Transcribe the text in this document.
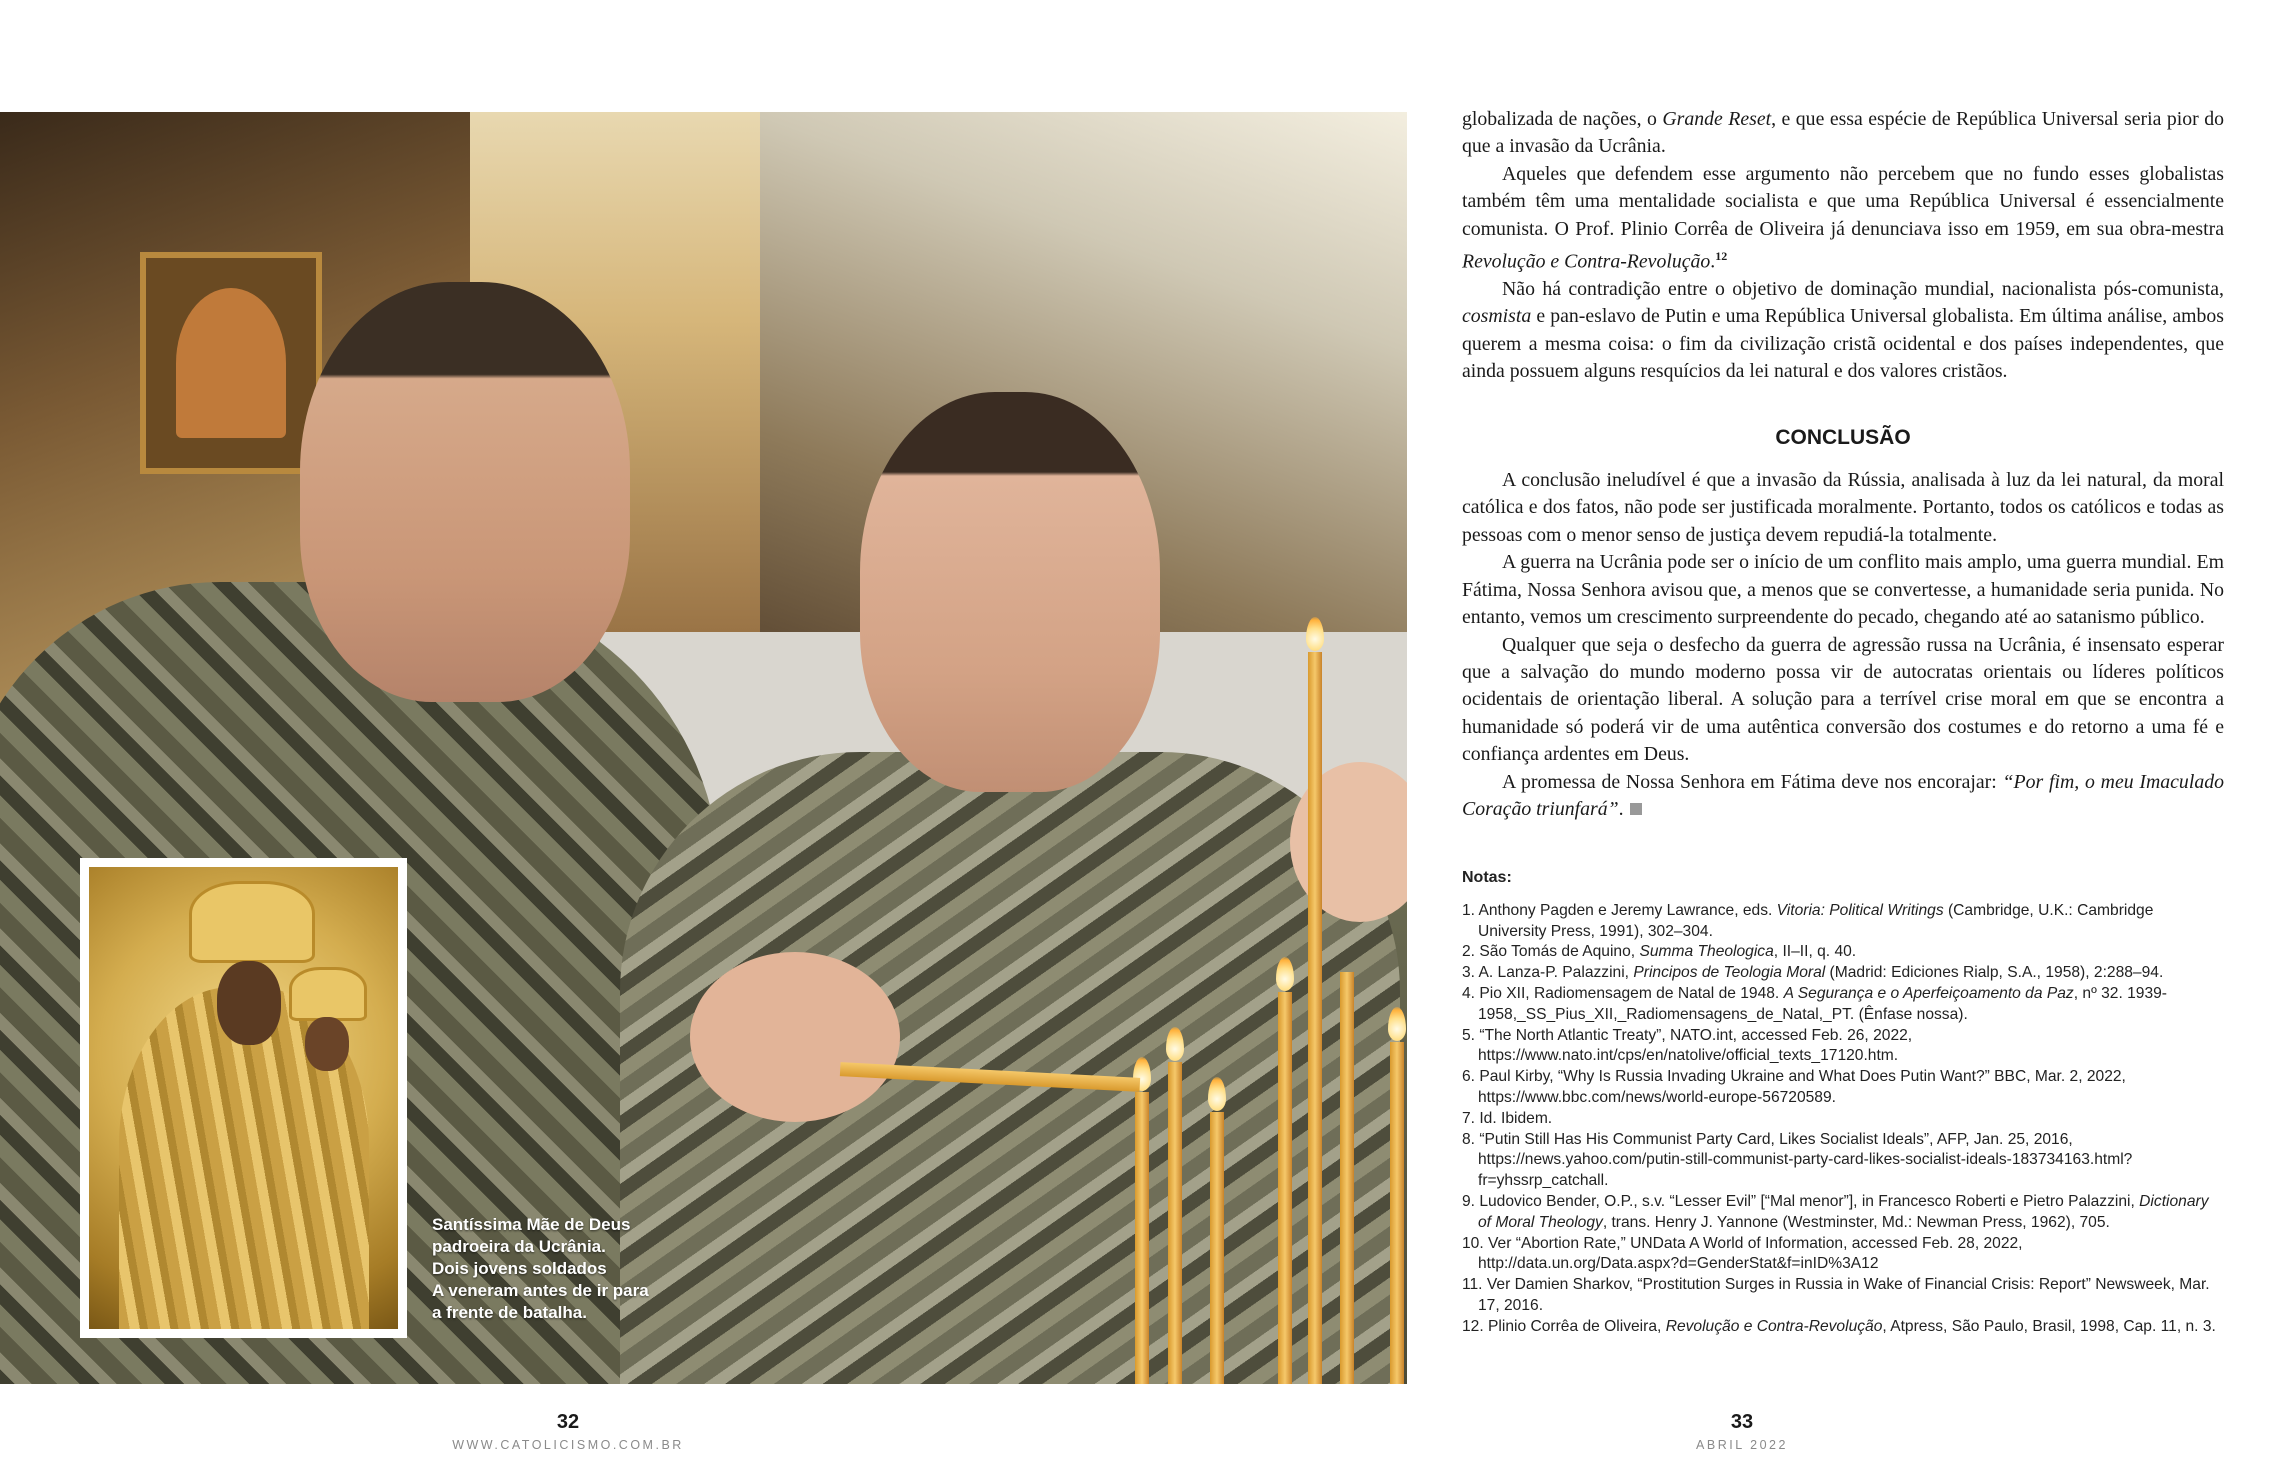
Santíssima Mãe de Deus
padroeira da Ucrânia.
Dois jovens soldados
A veneram antes de ir para
a frente de batalha.

globalizada de nações, o Grande Reset, e que essa espécie de República Universal seria pior do que a invasão da Ucrânia.

Aqueles que defendem esse argumento não percebem que no fundo esses globalistas também têm uma mentalidade socialista e que uma República Universal é essencialmente comunista. O Prof. Plinio Corrêa de Oliveira já denunciava isso em 1959, em sua obra-mestra Revolução e Contra-Revolução.$^{12}$

Não há contradição entre o objetivo de dominação mundial, nacionalista pós-comunista, cosmista e pan-eslavo de Putin e uma República Universal globalista. Em última análise, ambos querem a mesma coisa: o fim da civilização cristã ocidental e dos países independentes, que ainda possuem alguns resquícios da lei natural e dos valores cristãos.

CONCLUSÃO

A conclusão ineludível é que a invasão da Rússia, analisada à luz da lei natural, da moral católica e dos fatos, não pode ser justificada moralmente. Portanto, todos os católicos e todas as pessoas com o menor senso de justiça devem repudiá-la totalmente.

A guerra na Ucrânia pode ser o início de um conflito mais amplo, uma guerra mundial. Em Fátima, Nossa Senhora avisou que, a menos que se convertesse, a humanidade seria punida. No entanto, vemos um crescimento surpreendente do pecado, chegando até ao satanismo público.

Qualquer que seja o desfecho da guerra de agressão russa na Ucrânia, é insensato esperar que a salvação do mundo moderno possa vir de autocratas orientais ou líderes políticos ocidentais de orientação liberal. A solução para a terrível crise moral em que se encontra a humanidade só poderá vir de uma autêntica conversão dos costumes e do retorno a uma fé e confiança ardentes em Deus.

A promessa de Nossa Senhora em Fátima deve nos encorajar: “Por fim, o meu Imaculado Coração triunfará”.

Notas:
1. Anthony Pagden e Jeremy Lawrance, eds. Vitoria: Political Writings (Cambridge, U.K.: Cambridge University Press, 1991), 302–304.
2. São Tomás de Aquino, Summa Theologica, II–II, q. 40.
3. A. Lanza-P. Palazzini, Principos de Teologia Moral (Madrid: Ediciones Rialp, S.A., 1958), 2:288–94.
4. Pio XII, Radiomensagem de Natal de 1948. A Segurança e o Aperfeiçoamento da Paz, nº 32. 1939-1958,_SS_Pius_XII,_Radiomensagens_de_Natal,_PT. (Ênfase nossa).
5. “The North Atlantic Treaty”, NATO.int, accessed Feb. 26, 2022, https://www.nato.int/cps/en/natolive/official_texts_17120.htm.
6. Paul Kirby, “Why Is Russia Invading Ukraine and What Does Putin Want?” BBC, Mar. 2, 2022, https://www.bbc.com/news/world-europe-56720589.
7. Id. Ibidem.
8. “Putin Still Has His Communist Party Card, Likes Socialist Ideals”, AFP, Jan. 25, 2016, https://news.yahoo.com/putin-still-communist-party-card-likes-socialist-ideals-183734163.html?fr=yhssrp_catchall.
9. Ludovico Bender, O.P., s.v. “Lesser Evil” [“Mal menor”], in Francesco Roberti e Pietro Palazzini, Dictionary of Moral Theology, trans. Henry J. Yannone (Westminster, Md.: Newman Press, 1962), 705.
10. Ver “Abortion Rate,” UNData A World of Information, accessed Feb. 28, 2022, http://data.un.org/Data.aspx?d=GenderStat&f=inID%3A12
11. Ver Damien Sharkov, “Prostitution Surges in Russia in Wake of Financial Crisis: Report” Newsweek, Mar. 17, 2016.
12. Plinio Corrêa de Oliveira, Revolução e Contra-Revolução, Atpress, São Paulo, Brasil, 1998, Cap. 11, n. 3.
32
WWW.CATOLICISMO.COM.BR
33
ABRIL 2022
